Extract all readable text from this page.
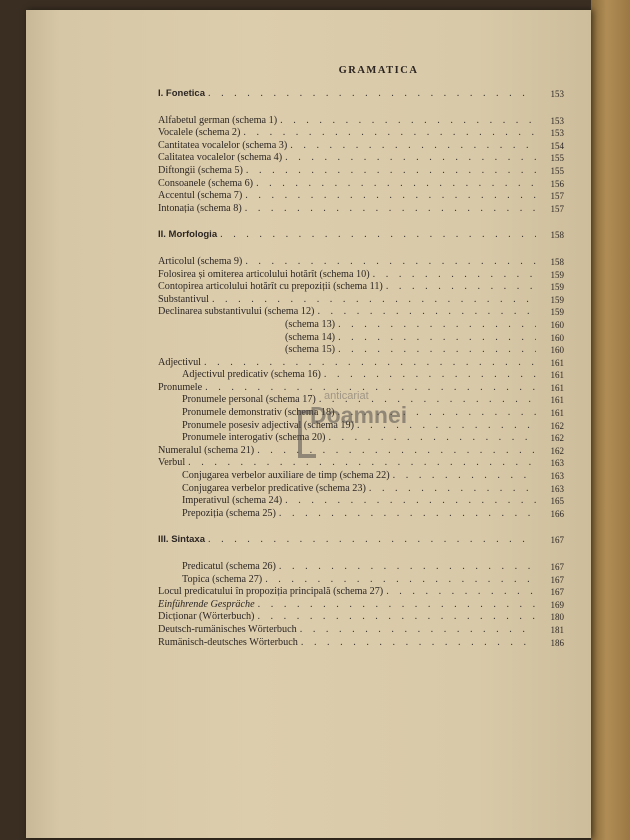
GRAMATICA
I. Fonetica . . .	153
Alfabetul german (schema 1) . . .	153
Vocalele (schema 2) . . .	153
Cantitatea vocalelor (schema 3) . . .	154
Calitatea vocalelor (schema 4) . . .	155
Diftongii (schema 5) . . .	155
Consoanele (schema 6) . . .	156
Accentul (schema 7) . . .	157
Intonația (schema 8) . . .	157
II. Morfologia . . .	158
Articolul (schema 9) . . .	158
Folosirea și omiterea articolului hotărît (schema 10) . . .	159
Contopirea articolului hotărît cu prepoziții (schema 11) . . .	159
Substantivul . . .	159
Declinarea substantivului (schema 12) . . .	159
(schema 13) . . .	160
(schema 14) . . .	160
(schema 15) . . .	160
Adjectivul . . .	161
Adjectivul predicativ (schema 16) . . .	161
Pronumele . . .	161
Pronumele personal (schema 17) . . .	161
Pronumele demonstrativ (schema 18) . . .	161
Pronumele posesiv adjectival (schema 19) . . .	162
Pronumele interogativ (schema 20) . . .	162
Numeralul (schema 21) . . .	162
Verbul . . .	163
Conjugarea verbelor auxiliare de timp (schema 22) . . .	163
Conjugarea verbelor predicative (schema 23) . . .	163
Imperativul (schema 24) . . .	165
Prepoziția (schema 25) . . .	166
III. Sintaxa . . .	167
Predicatul (schema 26) . . .	167
Topica (schema 27) . . .	167
Locul predicatului în propoziția principală (schema 27) . . .	167
Einführende Gespräche . . .	169
Dicționar (Wörterbuch) . . .	180
Deutsch-rumänisches Wörterbuch . . .	181
Rumänisch-deutsches Wörterbuch . . .	186
anticariat
Doamnei
